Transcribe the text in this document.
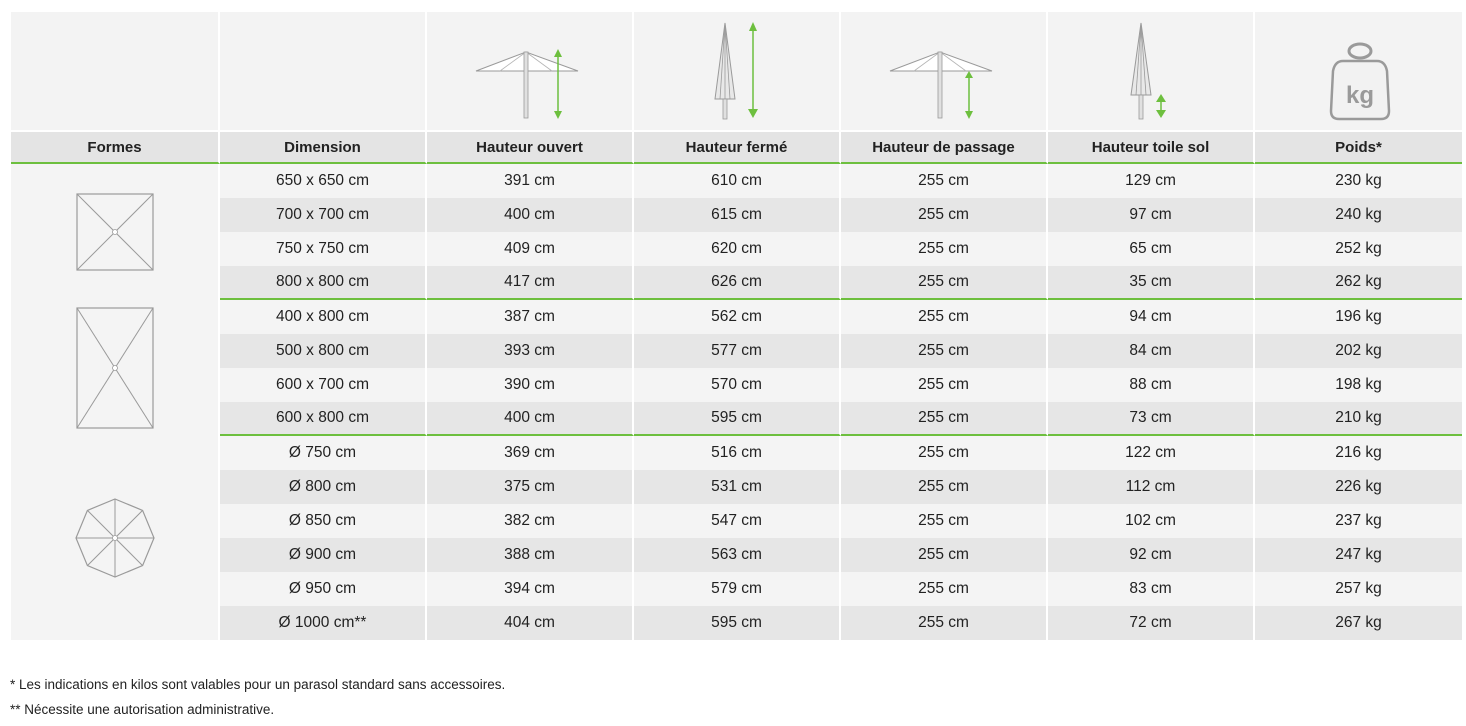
kg

Formes	Dimension	Hauteur ouvert	Hauteur fermé	Hauteur de passage	Hauteur toile sol	Poids*

	650 x 650 cm	391 cm	610 cm	255 cm	129 cm	230 kg
	700 x 700 cm	400 cm	615 cm	255 cm	97 cm	240 kg
	750 x 750 cm	409 cm	620 cm	255 cm	65 cm	252 kg
	800 x 800 cm	417 cm	626 cm	255 cm	35 cm	262 kg

	400 x 800 cm	387 cm	562 cm	255 cm	94 cm	196 kg
	500 x 800 cm	393 cm	577 cm	255 cm	84 cm	202 kg
	600 x 700 cm	390 cm	570 cm	255 cm	88 cm	198 kg
	600 x 800 cm	400 cm	595 cm	255 cm	73 cm	210 kg

	Ø 750 cm	369 cm	516 cm	255 cm	122 cm	216 kg
	Ø 800 cm	375 cm	531 cm	255 cm	112 cm	226 kg
	Ø 850 cm	382 cm	547 cm	255 cm	102 cm	237 kg
	Ø 900 cm	388 cm	563 cm	255 cm	92 cm	247 kg
	Ø 950 cm	394 cm	579 cm	255 cm	83 cm	257 kg
	Ø 1000 cm**	404 cm	595 cm	255 cm	72 cm	267 kg
* Les indications en kilos sont valables pour un parasol standard sans accessoires.
** Nécessite une autorisation administrative.
